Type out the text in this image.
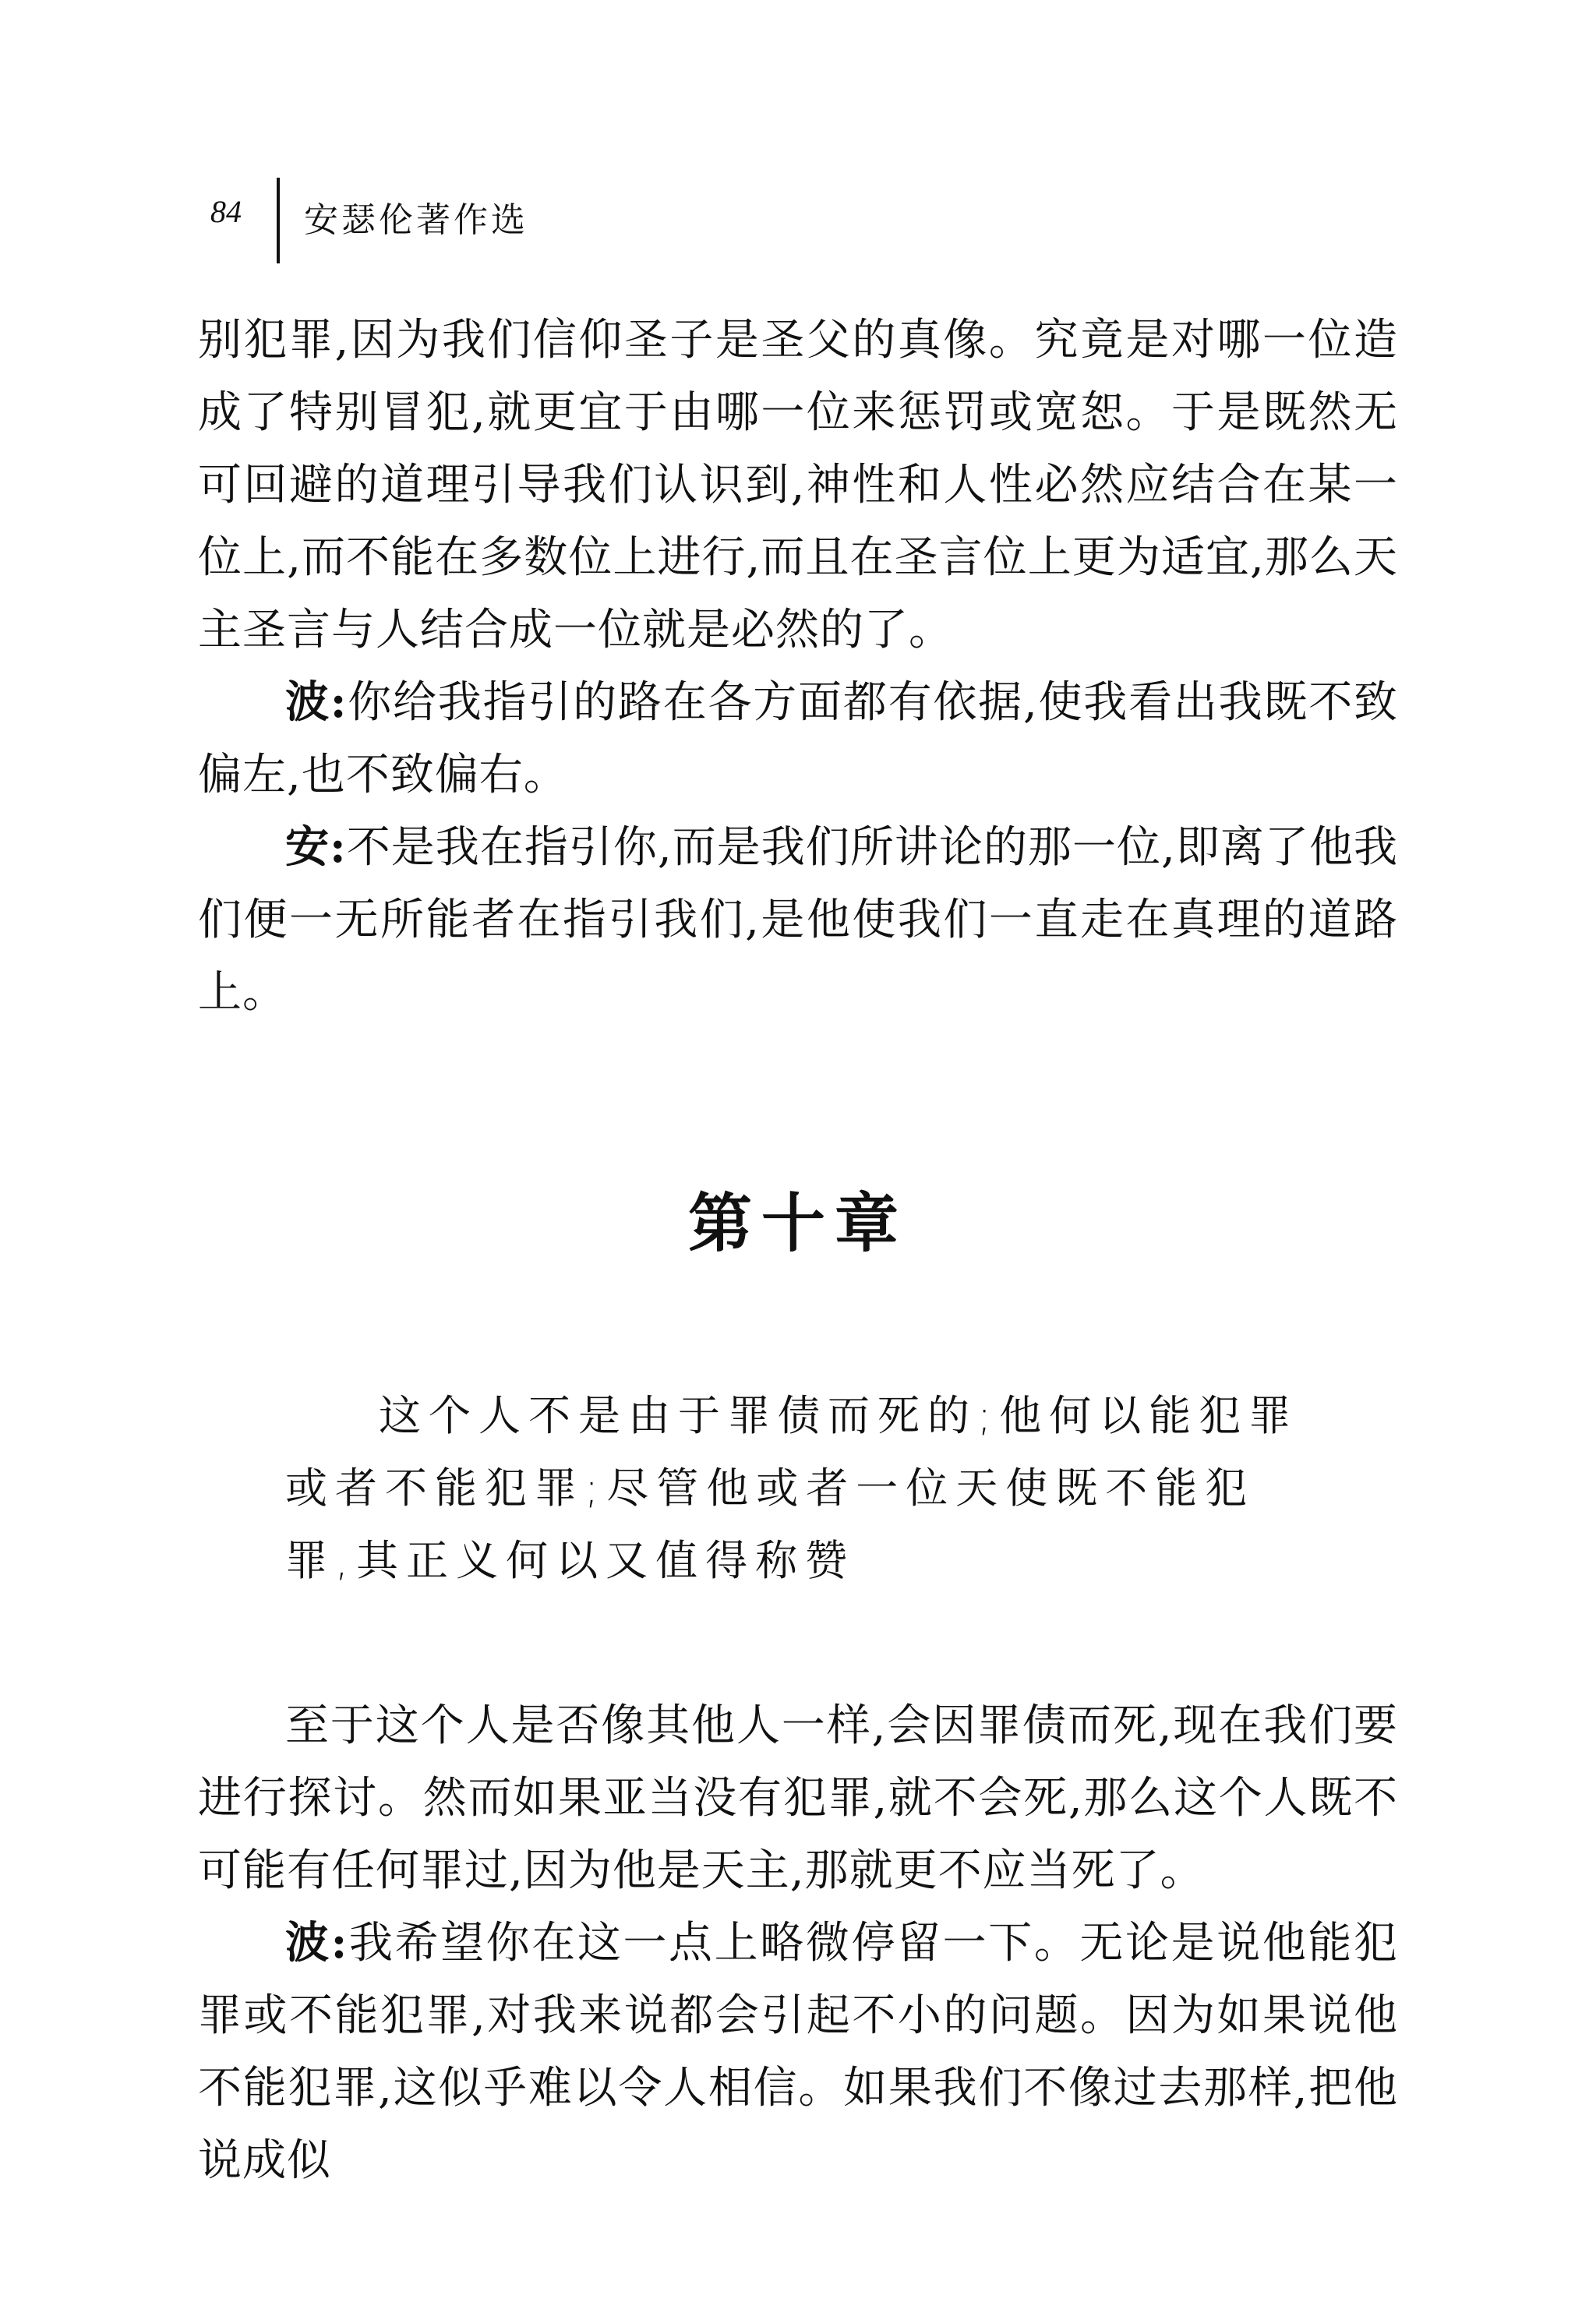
84 安瑟伦著作选

别犯罪,因为我们信仰圣子是圣父的真像。究竟是对哪一位造成了特别冒犯,就更宜于由哪一位来惩罚或宽恕。于是既然无可回避的道理引导我们认识到,神性和人性必然应结合在某一位上,而不能在多数位上进行,而且在圣言位上更为适宜,那么天主圣言与人结合成一位就是必然的了。

波:你给我指引的路在各方面都有依据,使我看出我既不致偏左,也不致偏右。

安:不是我在指引你,而是我们所讲论的那一位,即离了他我们便一无所能者在指引我们,是他使我们一直走在真理的道路上。

第十章

这个人不是由于罪债而死的;他何以能犯罪或者不能犯罪;尽管他或者一位天使既不能犯罪,其正义何以又值得称赞

至于这个人是否像其他人一样,会因罪债而死,现在我们要进行探讨。然而如果亚当没有犯罪,就不会死,那么这个人既不可能有任何罪过,因为他是天主,那就更不应当死了。

波:我希望你在这一点上略微停留一下。无论是说他能犯罪或不能犯罪,对我来说都会引起不小的问题。因为如果说他不能犯罪,这似乎难以令人相信。如果我们不像过去那样,把他说成似
